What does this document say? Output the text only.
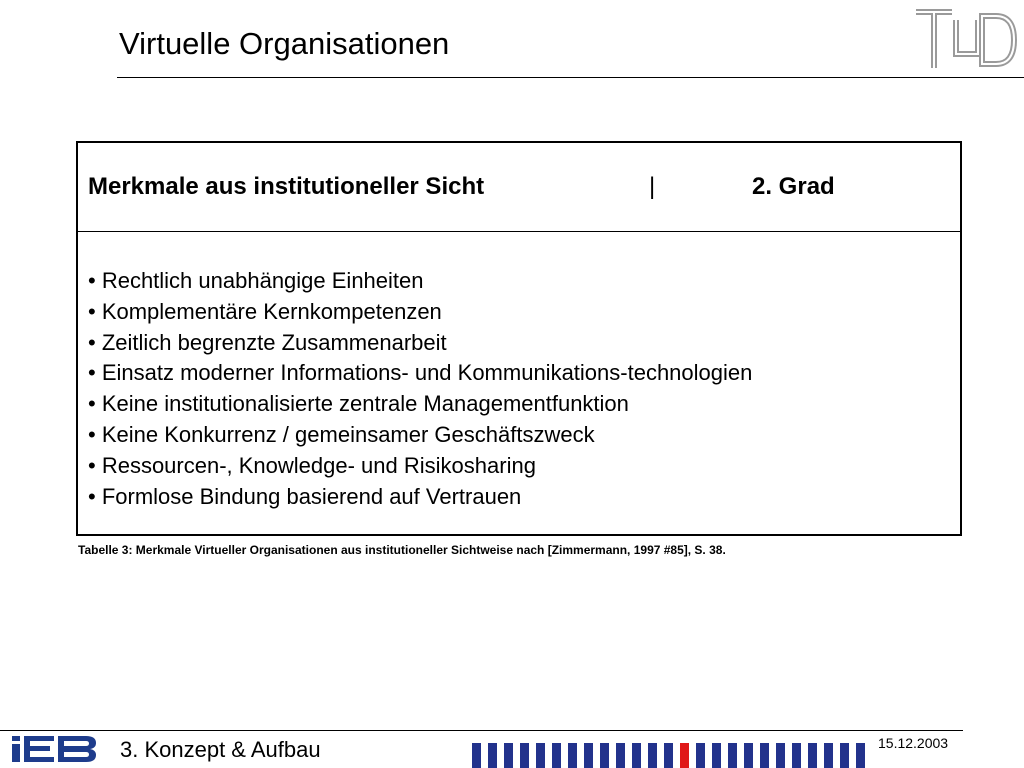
Virtuelle Organisationen
Merkmale aus institutioneller Sicht	|	2. Grad
• Rechtlich unabhängige Einheiten
• Komplementäre Kernkompetenzen
• Zeitlich begrenzte Zusammenarbeit
• Einsatz moderner Informations- und Kommunikations-technologien
• Keine institutionalisierte zentrale Managementfunktion
• Keine Konkurrenz / gemeinsamer Geschäftszweck
• Ressourcen-, Knowledge- und Risikosharing
• Formlose Bindung basierend auf Vertrauen
Tabelle 3: Merkmale Virtueller Organisationen aus institutioneller Sichtweise nach [Zimmermann, 1997 #85], S. 38.
3. Konzept & Aufbau	15.12.2003
